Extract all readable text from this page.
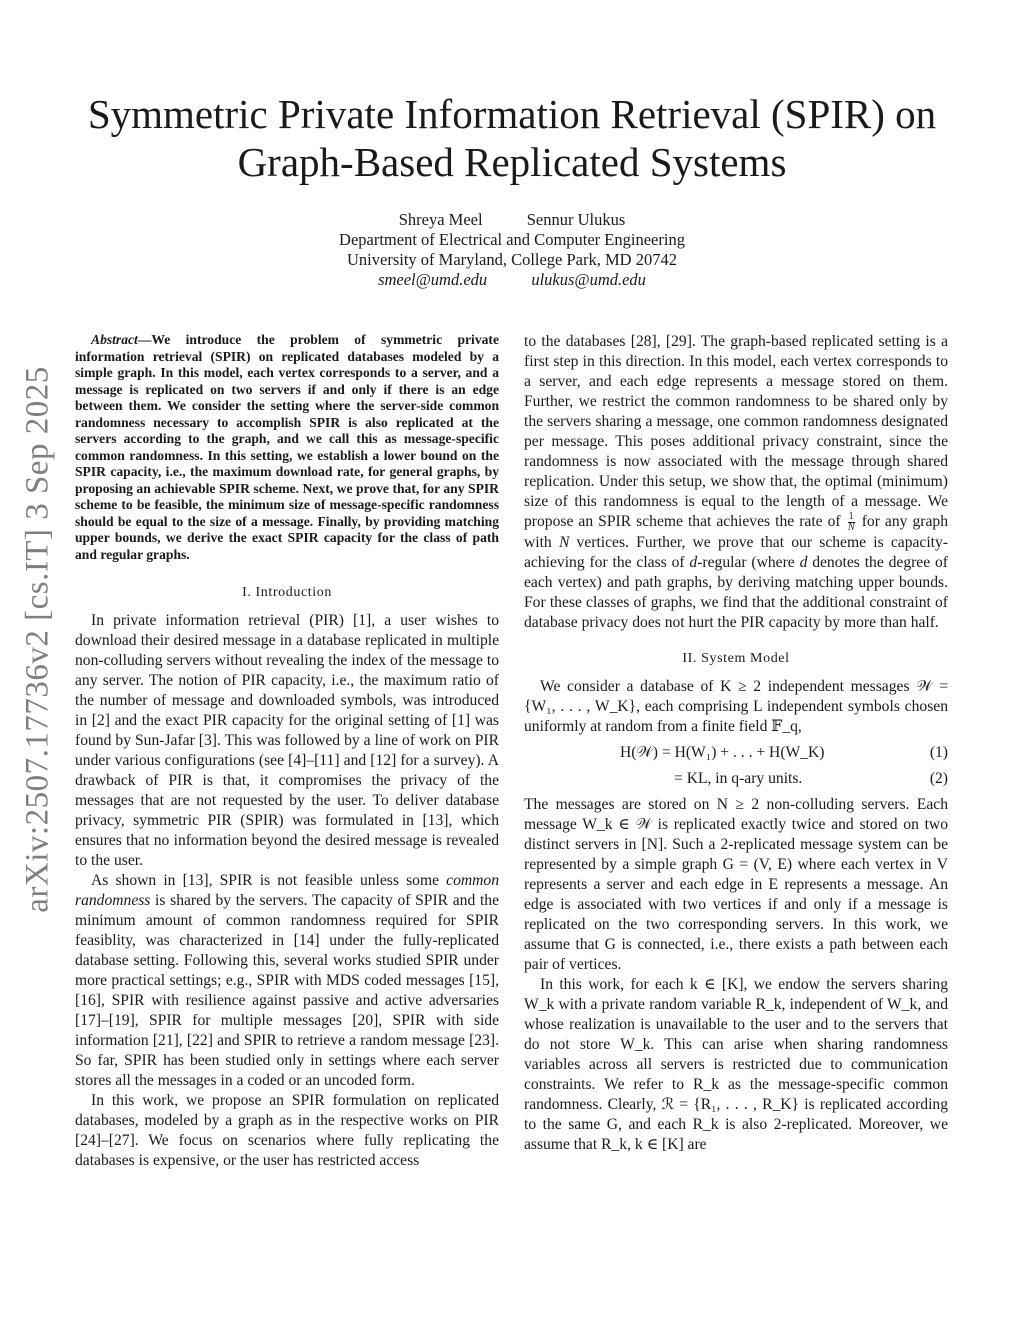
arXiv:2507.17736v2 [cs.IT] 3 Sep 2025
Symmetric Private Information Retrieval (SPIR) on
Graph-Based Replicated Systems
Shreya Meel	Sennur Ulukus
Department of Electrical and Computer Engineering
University of Maryland, College Park, MD 20742
smeel@umd.edu	ulukus@umd.edu

Abstract—We introduce the problem of symmetric private information retrieval (SPIR) on replicated databases modeled by a simple graph. In this model, each vertex corresponds to a server, and a message is replicated on two servers if and only if there is an edge between them. We consider the setting where the server-side common randomness necessary to accomplish SPIR is also replicated at the servers according to the graph, and we call this as message-specific common randomness. In this setting, we establish a lower bound on the SPIR capacity, i.e., the maximum download rate, for general graphs, by proposing an achievable SPIR scheme. Next, we prove that, for any SPIR scheme to be feasible, the minimum size of message-specific randomness should be equal to the size of a message. Finally, by providing matching upper bounds, we derive the exact SPIR capacity for the class of path and regular graphs.

I. Introduction

In private information retrieval (PIR) [1], a user wishes to download their desired message in a database replicated in multiple non-colluding servers without revealing the index of the message to any server. The notion of PIR capacity, i.e., the maximum ratio of the number of message and downloaded symbols, was introduced in [2] and the exact PIR capacity for the original setting of [1] was found by Sun-Jafar [3]. This was followed by a line of work on PIR under various configurations (see [4]–[11] and [12] for a survey). A drawback of PIR is that, it compromises the privacy of the messages that are not requested by the user. To deliver database privacy, symmetric PIR (SPIR) was formulated in [13], which ensures that no information beyond the desired message is revealed to the user.

As shown in [13], SPIR is not feasible unless some common randomness is shared by the servers. The capacity of SPIR and the minimum amount of common randomness required for SPIR feasiblity, was characterized in [14] under the fully-replicated database setting. Following this, several works studied SPIR under more practical settings; e.g., SPIR with MDS coded messages [15], [16], SPIR with resilience against passive and active adversaries [17]–[19], SPIR for multiple messages [20], SPIR with side information [21], [22] and SPIR to retrieve a random message [23]. So far, SPIR has been studied only in settings where each server stores all the messages in a coded or an uncoded form.

In this work, we propose an SPIR formulation on replicated databases, modeled by a graph as in the respective works on PIR [24]–[27]. We focus on scenarios where fully replicating the databases is expensive, or the user has restricted access

to the databases [28], [29]. The graph-based replicated setting is a first step in this direction. In this model, each vertex corresponds to a server, and each edge represents a message stored on them. Further, we restrict the common randomness to be shared only by the servers sharing a message, one common randomness designated per message. This poses additional privacy constraint, since the randomness is now associated with the message through shared replication. Under this setup, we show that, the optimal (minimum) size of this randomness is equal to the length of a message. We propose an SPIR scheme that achieves the rate of $\frac{1}{N}$ for any graph with N vertices. Further, we prove that our scheme is capacity-achieving for the class of d-regular (where d denotes the degree of each vertex) and path graphs, by deriving matching upper bounds. For these classes of graphs, we find that the additional constraint of database privacy does not hurt the PIR capacity by more than half.

II. System Model

We consider a database of K ≥ 2 independent messages 𝒲 = {W₁, . . . , W_K}, each comprising L independent symbols chosen uniformly at random from a finite field 𝔽_q,

H(𝒲) = H(W₁) + . . . + H(W_K)	(1)
= KL, in q-ary units.	(2)

The messages are stored on N ≥ 2 non-colluding servers. Each message W_k ∈ 𝒲 is replicated exactly twice and stored on two distinct servers in [N]. Such a 2-replicated message system can be represented by a simple graph G = (V, E) where each vertex in V represents a server and each edge in E represents a message. An edge is associated with two vertices if and only if a message is replicated on the two corresponding servers. In this work, we assume that G is connected, i.e., there exists a path between each pair of vertices.

In this work, for each k ∈ [K], we endow the servers sharing W_k with a private random variable R_k, independent of W_k, and whose realization is unavailable to the user and to the servers that do not store W_k. This can arise when sharing randomness variables across all servers is restricted due to communication constraints. We refer to R_k as the message-specific common randomness. Clearly, ℛ = {R₁, . . . , R_K} is replicated according to the same G, and each R_k is also 2-replicated. Moreover, we assume that R_k, k ∈ [K] are
